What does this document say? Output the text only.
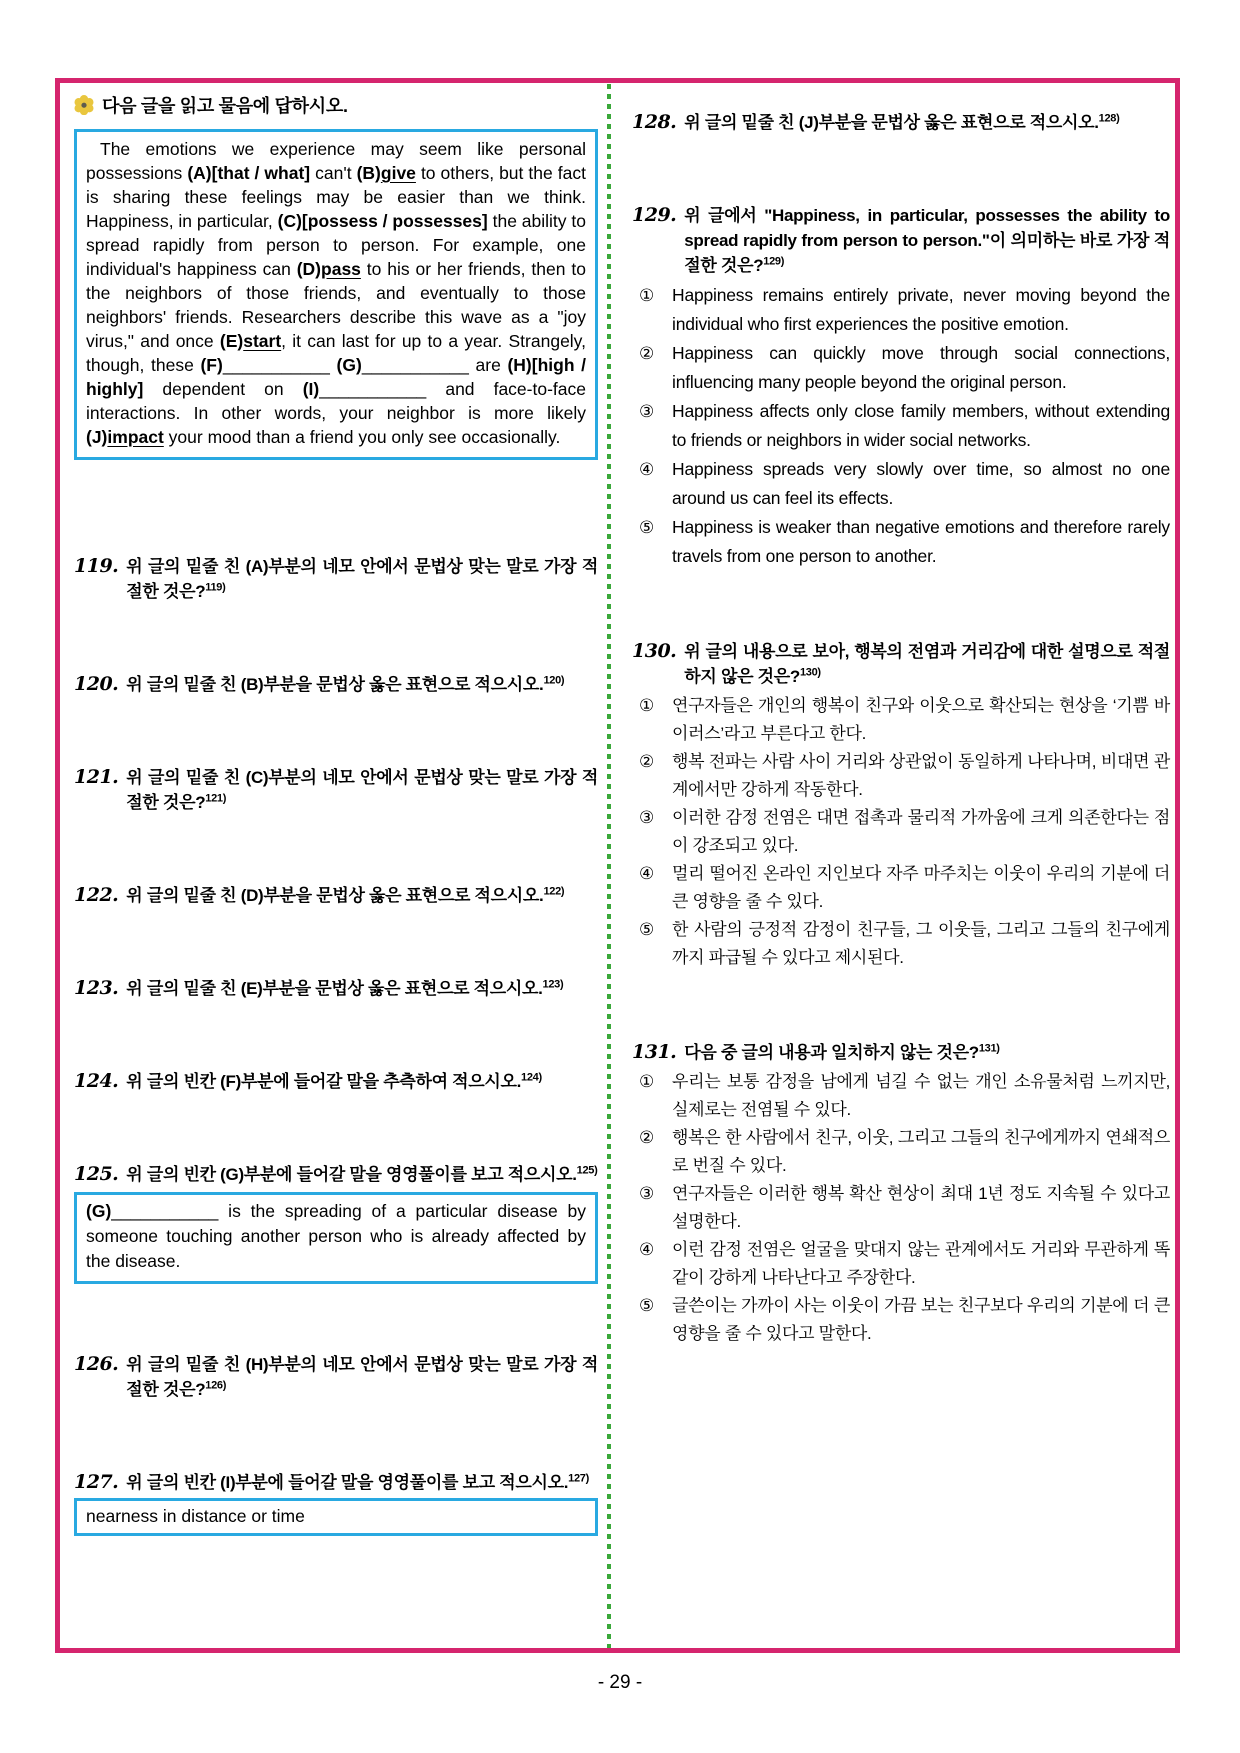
다음 글을 읽고 물음에 답하시오.

The emotions we experience may seem like personal possessions (A)[that / what] can't (B)give to others, but the fact is sharing these feelings may be easier than we think. Happiness, in particular, (C)[possess / possesses] the ability to spread rapidly from person to person. For example, one individual's happiness can (D)pass to his or her friends, then to the neighbors of those friends, and eventually to those neighbors' friends. Researchers describe this wave as a "joy virus," and once (E)start, it can last for up to a year. Strangely, though, these (F)___________ (G)___________ are (H)[high / highly] dependent on (I)___________ and face-to-face interactions. In other words, your neighbor is more likely (J)impact your mood than a friend you only see occasionally.

119. 위 글의 밑줄 친 (A)부분의 네모 안에서 문법상 맞는 말로 가장 적절한 것은?$^{119)}$
120. 위 글의 밑줄 친 (B)부분을 문법상 옳은 표현으로 적으시오.$^{120)}$
121. 위 글의 밑줄 친 (C)부분의 네모 안에서 문법상 맞는 말로 가장 적절한 것은?$^{121)}$
122. 위 글의 밑줄 친 (D)부분을 문법상 옳은 표현으로 적으시오.$^{122)}$
123. 위 글의 밑줄 친 (E)부분을 문법상 옳은 표현으로 적으시오.$^{123)}$
124. 위 글의 빈칸 (F)부분에 들어갈 말을 추측하여 적으시오.$^{124)}$
125. 위 글의 빈칸 (G)부분에 들어갈 말을 영영풀이를 보고 적으시오.$^{125)}$
(G)___________ is the spreading of a particular disease by someone touching another person who is already affected by the disease.
126. 위 글의 밑줄 친 (H)부분의 네모 안에서 문법상 맞는 말로 가장 적절한 것은?$^{126)}$
127. 위 글의 빈칸 (I)부분에 들어갈 말을 영영풀이를 보고 적으시오.$^{127)}$
nearness in distance or time
128. 위 글의 밑줄 친 (J)부분을 문법상 옳은 표현으로 적으시오.$^{128)}$
129. 위 글에서 "Happiness, in particular, possesses the ability to spread rapidly from person to person."이 의미하는 바로 가장 적절한 것은?$^{129)}$
①	Happiness remains entirely private, never moving beyond the individual who first experiences the positive emotion.
②	Happiness can quickly move through social connections, influencing many people beyond the original person.
③	Happiness affects only close family members, without extending to friends or neighbors in wider social networks.
④	Happiness spreads very slowly over time, so almost no one around us can feel its effects.
⑤	Happiness is weaker than negative emotions and therefore rarely travels from one person to another.
130. 위 글의 내용으로 보아, 행복의 전염과 거리감에 대한 설명으로 적절하지 않은 것은?$^{130)}$
①	연구자들은 개인의 행복이 친구와 이웃으로 확산되는 현상을 ‘기쁨 바이러스’라고 부른다고 한다.
②	행복 전파는 사람 사이 거리와 상관없이 동일하게 나타나며, 비대면 관계에서만 강하게 작동한다.
③	이러한 감정 전염은 대면 접촉과 물리적 가까움에 크게 의존한다는 점이 강조되고 있다.
④	멀리 떨어진 온라인 지인보다 자주 마주치는 이웃이 우리의 기분에 더 큰 영향을 줄 수 있다.
⑤	한 사람의 긍정적 감정이 친구들, 그 이웃들, 그리고 그들의 친구에게까지 파급될 수 있다고 제시된다.
131. 다음 중 글의 내용과 일치하지 않는 것은?$^{131)}$
①	우리는 보통 감정을 남에게 넘길 수 없는 개인 소유물처럼 느끼지만, 실제로는 전염될 수 있다.
②	행복은 한 사람에서 친구, 이웃, 그리고 그들의 친구에게까지 연쇄적으로 번질 수 있다.
③	연구자들은 이러한 행복 확산 현상이 최대 1년 정도 지속될 수 있다고 설명한다.
④	이런 감정 전염은 얼굴을 맞대지 않는 관계에서도 거리와 무관하게 똑같이 강하게 나타난다고 주장한다.
⑤	글쓴이는 가까이 사는 이웃이 가끔 보는 친구보다 우리의 기분에 더 큰 영향을 줄 수 있다고 말한다.
- 29 -
